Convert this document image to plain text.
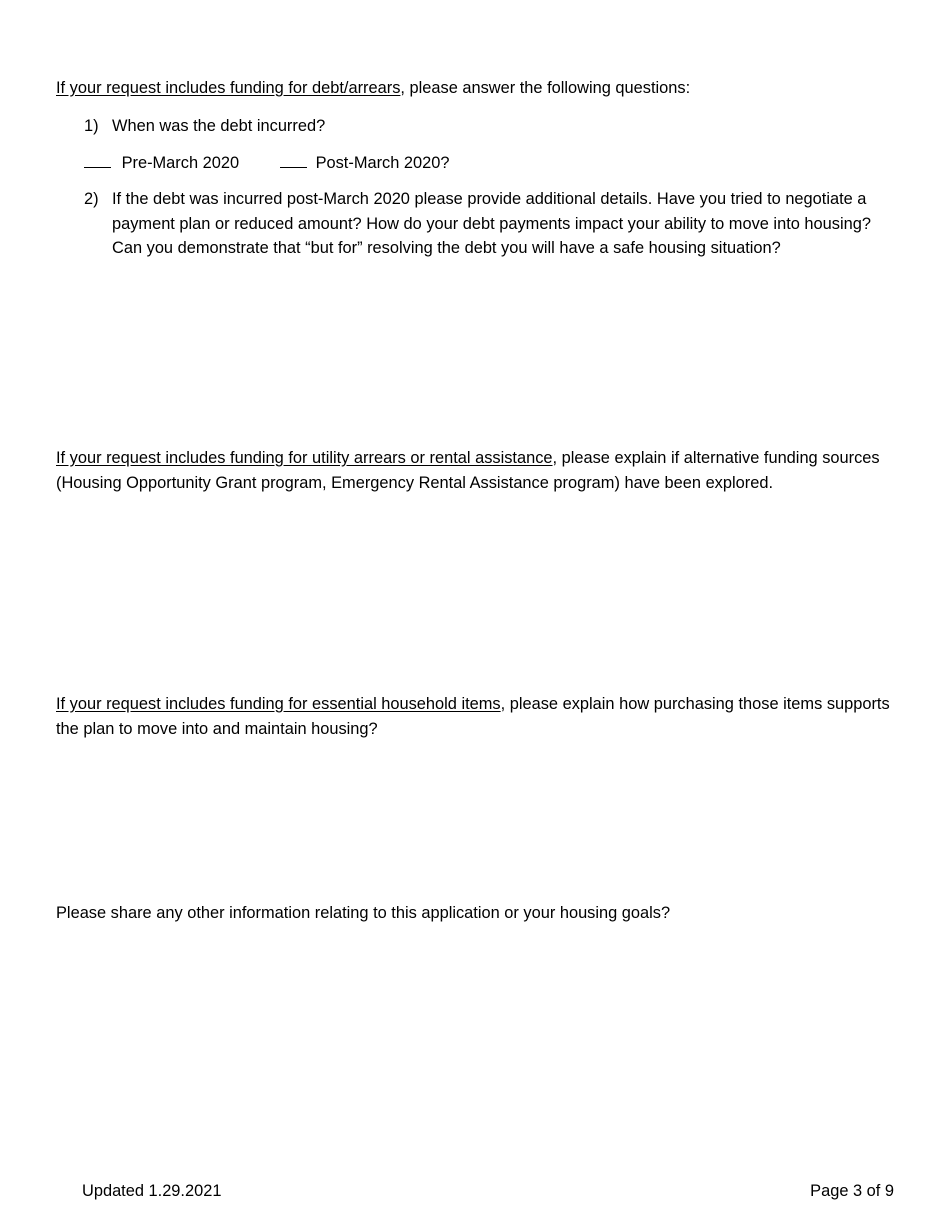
If your request includes funding for debt/arrears, please answer the following questions:
1) When was the debt incurred?
Pre-March 2020	Post-March 2020?
2) If the debt was incurred post-March 2020 please provide additional details. Have you tried to negotiate a payment plan or reduced amount? How do your debt payments impact your ability to move into housing? Can you demonstrate that “but for” resolving the debt you will have a safe housing situation?
If your request includes funding for utility arrears or rental assistance, please explain if alternative funding sources (Housing Opportunity Grant program, Emergency Rental Assistance program) have been explored.
If your request includes funding for essential household items, please explain how purchasing those items supports the plan to move into and maintain housing?
Please share any other information relating to this application or your housing goals?
Updated 1.29.2021	Page 3 of 9
